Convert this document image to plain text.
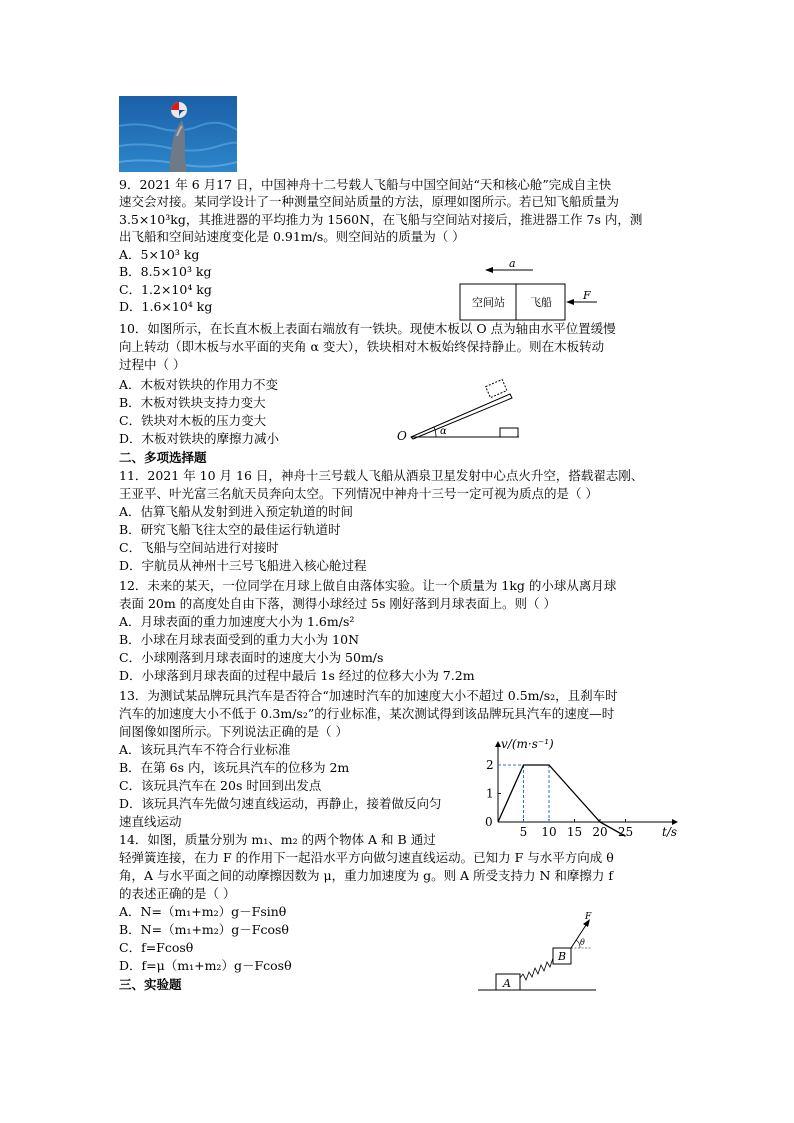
9．2021 年 6 月17 日，中国神舟十二号载人飞船与中国空间站“天和核心舱”完成自主快
速交会对接。某同学设计了一种测量空间站质量的方法，原理如图所示。若已知飞船质量为
3.5×10³kg，其推进器的平均推力为 1560N，在飞船与空间站对接后，推进器工作 7s 内，测
出飞船和空间站速度变化是 0.91m/s。则空间站的质量为（ ）
A．5×10³ kg
B．8.5×10³ kg
C．1.2×10⁴ kg
D．1.6×10⁴ kg
a
空间站 飞船
F
10．如图所示，在长直木板上表面右端放有一铁块。现使木板以 O 点为轴由水平位置缓慢
向上转动（即木板与水平面的夹角 α 变大），铁块相对木板始终保持静止。则在木板转动
过程中（ ）
A．木板对铁块的作用力不变
B．木板对铁块支持力变大
C．铁块对木板的压力变大
D．木板对铁块的摩擦力减小	α
O
二、多项选择题
11．2021 年 10 月 16 日，神舟十三号载人飞船从酒泉卫星发射中心点火升空，搭载翟志刚、
王亚平、叶光富三名航天员奔向太空。下列情况中神舟十三号一定可视为质点的是（ ）
A．估算飞船从发射到进入预定轨道的时间
B．研究飞船飞往太空的最佳运行轨道时
C．飞船与空间站进行对接时
D．宇航员从神州十三号飞船进入核心舱过程
12．未来的某天，一位同学在月球上做自由落体实验。让一个质量为 1kg 的小球从离月球
表面 20m 的高度处自由下落，测得小球经过 5s 刚好落到月球表面上。则（ ）
A．月球表面的重力加速度大小为 1.6m/s²
B．小球在月球表面受到的重力大小为 10N
C．小球刚落到月球表面时的速度大小为 50m/s
D．小球落到月球表面的过程中最后 1s 经过的位移大小为 7.2m
13．为测试某品牌玩具汽车是否符合“加速时汽车的加速度大小不超过 0.5m/s₂，且刹车时
汽车的加速度大小不低于 0.3m/s₂”的行业标准，某次测试得到该品牌玩具汽车的速度—时
间图像如图所示。下列说法正确的是（ ）
A．该玩具汽车不符合行业标准
B．在第 6s 内，该玩具汽车的位移为 2m
C．该玩具汽车在 20s 时回到出发点
D．该玩具汽车先做匀速直线运动，再静止，接着做反向匀
速直线运动
v/(m·s⁻¹)
t/s
0
5 10 15 20 25
2
1
14．如图，质量分别为 m₁、m₂ 的两个物体 A 和 B 通过
轻弹簧连接，在力 F 的作用下一起沿水平方向做匀速直线运动。已知力 F 与水平方向成 θ
角，A 与水平面之间的动摩擦因数为 μ，重力加速度为 g。则 A 所受支持力 N 和摩擦力 f
的表述正确的是（ ）
A．N=（m₁+m₂）g－Fsinθ
B．N=（m₁+m₂）g－Fcosθ
C．f=Fcosθ
D．f=μ（m₁+m₂）g－Fcosθ
A
B
F
θ
三、实验题
